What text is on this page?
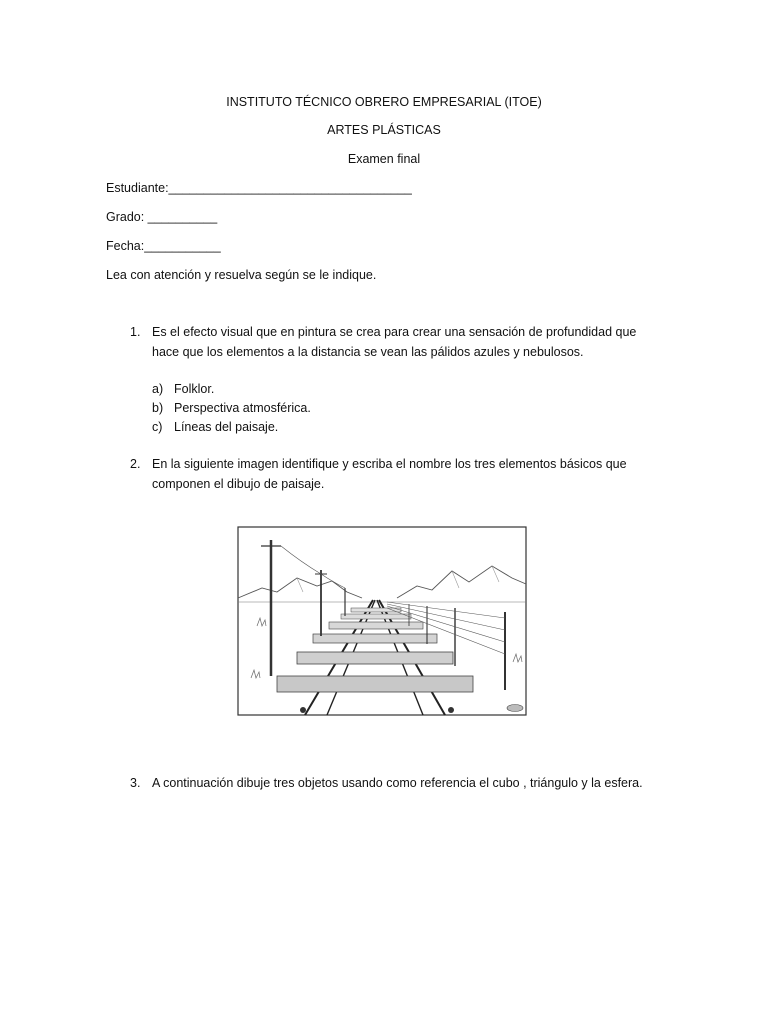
INSTITUTO TÉCNICO OBRERO EMPRESARIAL (ITOE)
ARTES PLÁSTICAS
Examen final
Estudiante:___________________________________
Grado: __________
Fecha:___________
Lea con atención y resuelva según se le indique.
1. Es el efecto visual que en pintura se crea para crear una sensación de profundidad que
hace que los elementos a la distancia se vean las pálidos azules y nebulosos.
a) Folklor.
b) Perspectiva atmosférica.
c) Líneas del paisaje.
2. En la siguiente imagen identifique y escriba el nombre los tres elementos básicos que
componen el dibujo de paisaje.
3. A continuación dibuje tres objetos usando como referencia el cubo , triángulo y la esfera.
